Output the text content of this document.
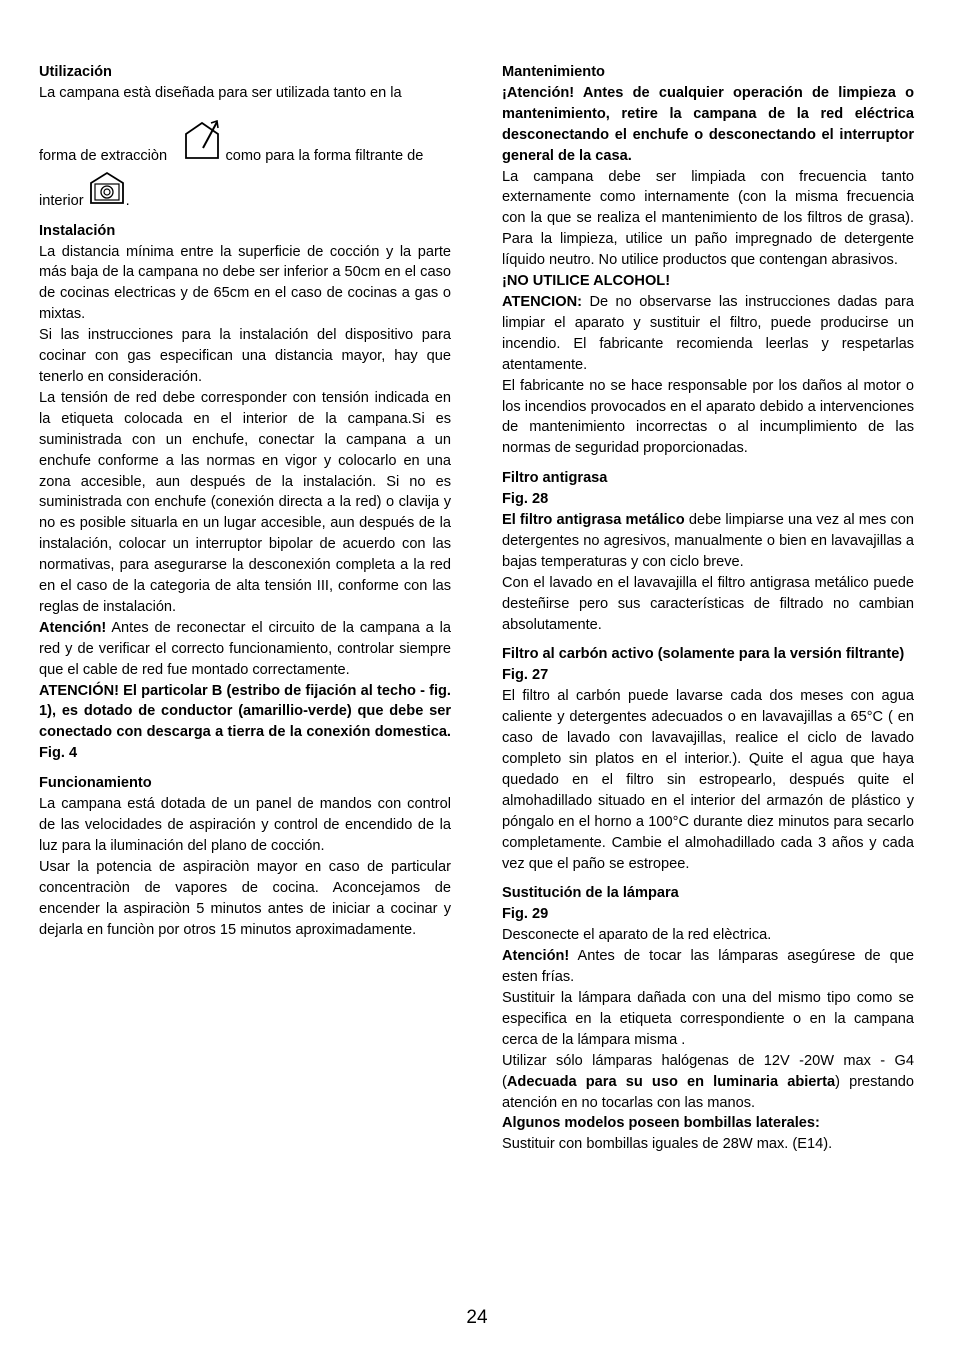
Utilización

La campana està diseñada para ser utilizada tanto en la

forma de extracciòn	como para la forma filtrante de

interior	.

Instalación

La distancia mínima entre la superficie de cocción y la parte más baja de la campana no debe ser inferior a 50cm en el caso de cocinas electricas y de 65cm en el caso de cocinas a gas o mixtas.

Si las instrucciones para la instalación del dispositivo para cocinar con gas especifican una distancia mayor, hay que tenerlo en consideración.

La tensión de red debe corresponder con tensión indicada en la etiqueta colocada en el interior de la campana.Si es suministrada con un enchufe, conectar la campana a un enchufe conforme a las normas en vigor y colocarlo en una zona accesible, aun después de la instalación. Si no es suministrada con enchufe (conexión directa a la red) o clavija y no es posible situarla en un lugar accesible, aun después de la instalación, colocar un interruptor bipolar de acuerdo con las normativas, para asegurarse la desconexión completa a la red en el caso de la categoria de alta tensión III, conforme con las reglas de instalación.

Atención! Antes de reconectar el circuito de la campana a la red y de verificar el correcto funcionamiento, controlar siempre que el cable de red fue montado correctamente.

ATENCIÓN! El particolar B (estribo de fijación al techo - fig. 1), es dotado de conductor (amarillio-verde) que debe ser conectado con descarga a tierra de la conexión domestica. Fig. 4

Funcionamiento

La campana está dotada de un panel de mandos con control de las velocidades de aspiración y control de encendido de la luz para la iluminación del plano de cocción.

Usar la potencia de aspiraciòn mayor en caso de particular concentraciòn de vapores de cocina. Aconcejamos de encender la aspiraciòn 5 minutos antes de iniciar a cocinar y dejarla en funciòn por otros 15 minutos aproximadamente.

Mantenimiento

¡Atención! Antes de cualquier operación de limpieza o mantenimiento, retire la campana de la red eléctrica desconectando el enchufe o desconectando el interruptor general de la casa.

La campana debe ser limpiada con frecuencia tanto externamente como internamente (con la misma frecuencia con la que se realiza el mantenimiento de los filtros de grasa). Para la limpieza, utilice un paño impregnado de detergente líquido neutro. No utilice productos que contengan abrasivos.

¡NO UTILICE ALCOHOL!

ATENCION: De no observarse las instrucciones dadas para limpiar el aparato y sustituir el filtro, puede producirse un incendio. El fabricante recomienda leerlas y respetarlas atentamente.

El fabricante no se hace responsable por los daños al motor o los incendios provocados en el aparato debido a intervenciones de mantenimiento incorrectas o al incumplimiento de las normas de seguridad proporcionadas.

Filtro antigrasa

Fig. 28

El filtro antigrasa metálico debe limpiarse una vez al mes con detergentes no agresivos, manualmente o bien en lavavajillas a bajas temperaturas y con ciclo breve.

Con el lavado en el lavavajilla el filtro antigrasa metálico puede desteñirse pero sus características de filtrado no cambian absolutamente.

Filtro al carbón activo (solamente para la versión filtrante)

Fig. 27

El filtro al carbón puede lavarse cada dos meses con agua caliente y detergentes adecuados o en lavavajillas a 65°C ( en caso de lavado con lavavajillas, realice el ciclo de lavado completo sin platos en el interior.). Quite el agua que haya quedado en el filtro sin estropearlo, después quite el almohadillado situado en el interior del armazón de plástico y póngalo en el horno a 100°C durante diez minutos para secarlo completamente. Cambie el almohadillado cada 3 años y cada vez que el paño se estropee.

Sustitución de la lámpara

Fig. 29

Desconecte el aparato de la red elèctrica.

Atención! Antes de tocar las lámparas asegúrese de que esten frías.

Sustituir la lámpara dañada con una del mismo tipo como se especifica en la etiqueta correspondiente o en la campana cerca de la lámpara misma .

Utilizar sólo lámparas halógenas de 12V -20W max - G4 (Adecuada para su uso en luminaria abierta) prestando atención en no tocarlas con las manos.

Algunos modelos poseen bombillas laterales:

Sustituir con bombillas iguales de 28W max. (E14).

24
